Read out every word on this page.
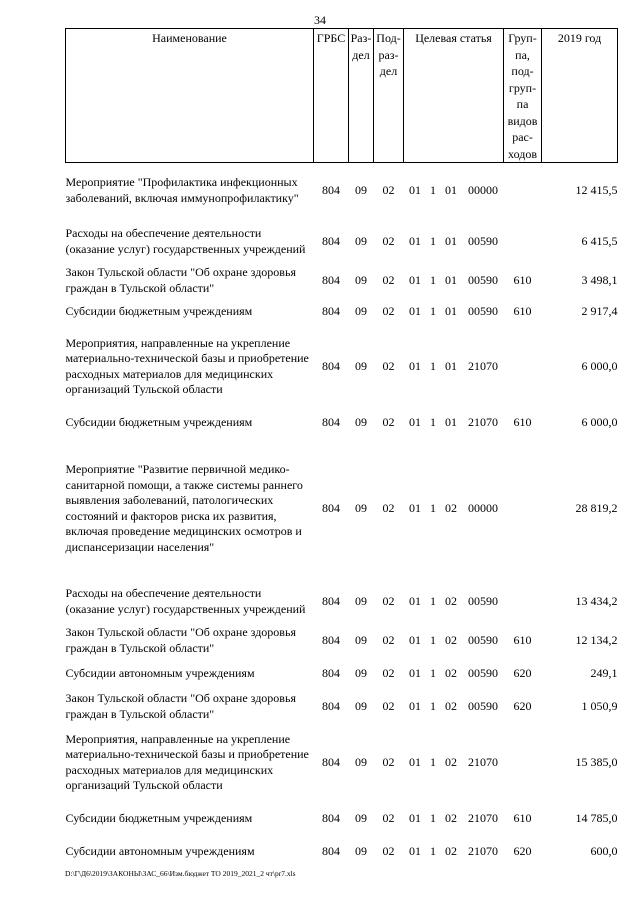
34
Наименование	ГРБС	Раз-дел	Под-раз-дел	Целевая статья				Груп-па, под-груп-па видов рас-ходов	2019 год
Мероприятие "Профилактика инфекционных заболеваний, включая иммунопрофилактику"	804	09	02	01	1	01	00000		12 415,5
Расходы на обеспечение деятельности (оказание услуг) государственных учреждений	804	09	02	01	1	01	00590		6 415,5
Закон Тульской области "Об охране здоровья граждан в Тульской области"	804	09	02	01	1	01	00590	610	3 498,1
Субсидии бюджетным учреждениям	804	09	02	01	1	01	00590	610	2 917,4
Мероприятия, направленные на укрепление материально-технической базы и приобретение расходных материалов для медицинских организаций Тульской области	804	09	02	01	1	01	21070		6 000,0
Субсидии бюджетным учреждениям	804	09	02	01	1	01	21070	610	6 000,0
Мероприятие "Развитие первичной медико-санитарной помощи, а также системы раннего выявления заболеваний, патологических состояний и факторов риска их развития, включая проведение медицинских осмотров и диспансеризации населения"	804	09	02	01	1	02	00000		28 819,2
Расходы на обеспечение деятельности (оказание услуг) государственных учреждений	804	09	02	01	1	02	00590		13 434,2
Закон Тульской области "Об охране здоровья граждан в Тульской области"	804	09	02	01	1	02	00590	610	12 134,2
Субсидии автономным учреждениям	804	09	02	01	1	02	00590	620	249,1
Закон Тульской области "Об охране здоровья граждан в Тульской области"	804	09	02	01	1	02	00590	620	1 050,9
Мероприятия, направленные на укрепление материально-технической базы и приобретение расходных материалов для медицинских организаций Тульской области	804	09	02	01	1	02	21070		15 385,0
Субсидии бюджетным учреждениям	804	09	02	01	1	02	21070	610	14 785,0
Субсидии автономным учреждениям	804	09	02	01	1	02	21070	620	600,0
D:\Г\Д6\2019\ЗАКОНЫ\ЗАС_66\Изм.бюджет ТО 2019_2021_2 чт\pr7.xls
